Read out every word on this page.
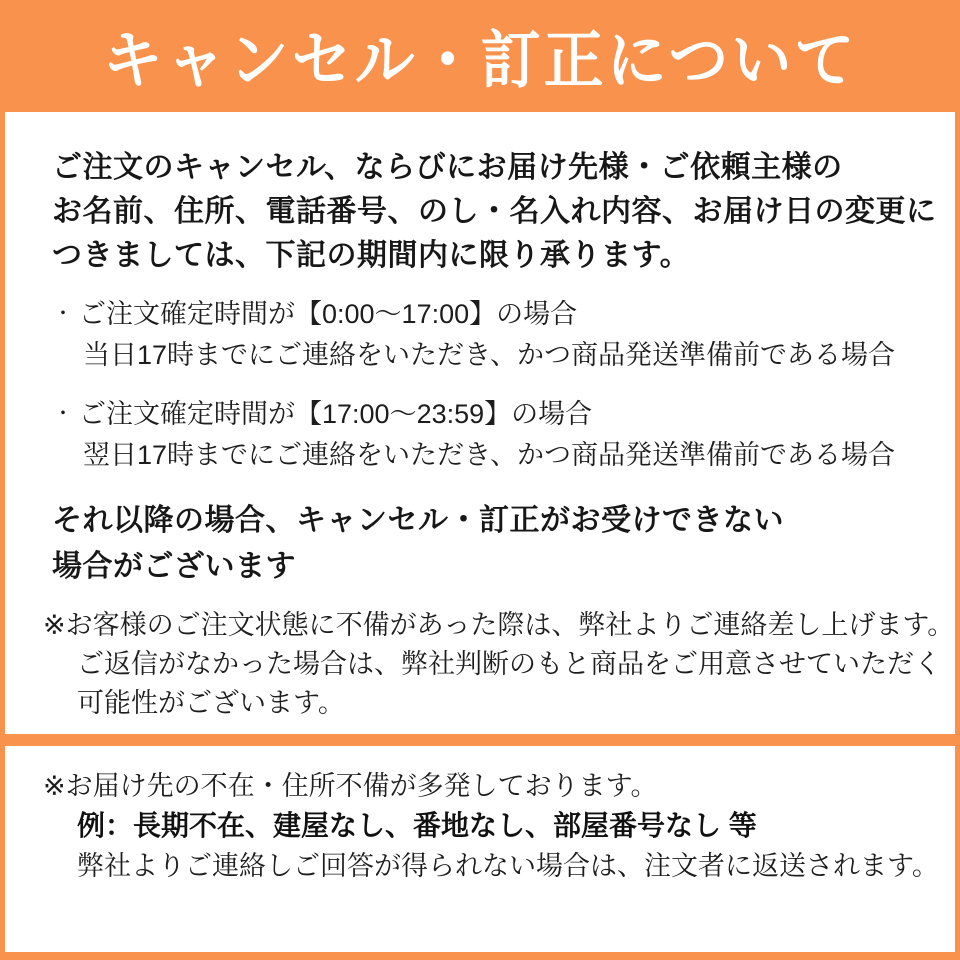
キャンセル・訂正について
ご注文のキャンセル、ならびにお届け先様・ご依頼主様の
お名前、住所、電話番号、のし・名入れ内容、お届け日の変更に
つきましては、下記の期間内に限り承ります。
・ ご注文確定時間が【0:00〜17:00】の場合
当日17時までにご連絡をいただき、かつ商品発送準備前である場合
・ ご注文確定時間が【17:00〜23:59】の場合
翌日17時までにご連絡をいただき、かつ商品発送準備前である場合
それ以降の場合、キャンセル・訂正がお受けできない
場合がございます
※お客様のご注文状態に不備があった際は、弊社よりご連絡差し上げます。
ご返信がなかった場合は、弊社判断のもと商品をご用意させていただく
可能性がございます。
※お届け先の不在・住所不備が多発しております。
例：長期不在、建屋なし、番地なし、部屋番号なし 等
弊社よりご連絡しご回答が得られない場合は、注文者に返送されます。
